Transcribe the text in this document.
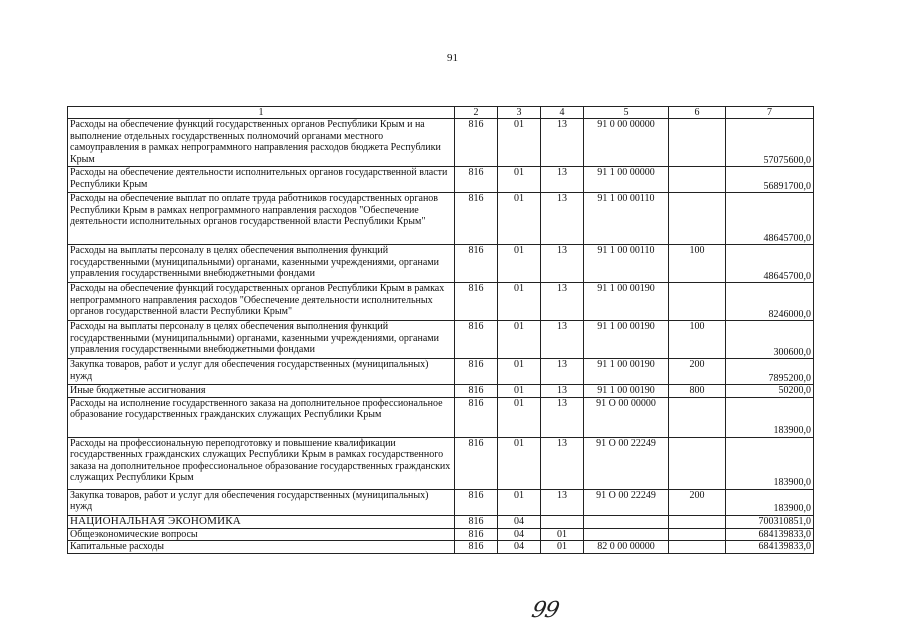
91
1	2	3	4	5	6	7
Расходы на обеспечение функций государственных органов Республики Крым и на выполнение отдельных государственных полномочий органами местного самоуправления в рамках непрограммного направления расходов бюджета Республики Крым	816	01	13	91 0 00 00000		57075600,0
Расходы на обеспечение деятельности исполнительных органов государственной власти Республики Крым	816	01	13	91 1 00 00000		56891700,0
Расходы на обеспечение выплат по оплате труда работников государственных органов Республики Крым в рамках непрограммного направления расходов "Обеспечение деятельности исполнительных органов государственной власти Республики Крым"	816	01	13	91 1 00 00110		48645700,0
Расходы на выплаты персоналу в целях обеспечения выполнения функций государственными (муниципальными) органами, казенными учреждениями, органами управления государственными внебюджетными фондами	816	01	13	91 1 00 00110	100	48645700,0
Расходы на обеспечение функций государственных органов Республики Крым в рамках непрограммного направления расходов "Обеспечение деятельности исполнительных органов государственной власти Республики Крым"	816	01	13	91 1 00 00190		8246000,0
Расходы на выплаты персоналу в целях обеспечения выполнения функций государственными (муниципальными) органами, казенными учреждениями, органами управления государственными внебюджетными фондами	816	01	13	91 1 00 00190	100	300600,0
Закупка товаров, работ и услуг для обеспечения государственных (муниципальных) нужд	816	01	13	91 1 00 00190	200	7895200,0
Иные бюджетные ассигнования	816	01	13	91 1 00 00190	800	50200,0
Расходы на исполнение государственного заказа на дополнительное профессиональное образование государственных гражданских служащих Республики Крым	816	01	13	91 О 00 00000		183900,0
Расходы на профессиональную переподготовку и повышение квалификации государственных гражданских служащих Республики Крым в рамках государственного заказа на дополнительное профессиональное образование государственных гражданских служащих Республики Крым	816	01	13	91 О 00 22249		183900,0
Закупка товаров, работ и услуг для обеспечения государственных (муниципальных) нужд	816	01	13	91 О 00 22249	200	183900,0
НАЦИОНАЛЬНАЯ ЭКОНОМИКА	816	04				700310851,0
Общеэкономические вопросы	816	04	01			684139833,0
Капитальные расходы	816	04	01	82 0 00 00000		684139833,0
99
